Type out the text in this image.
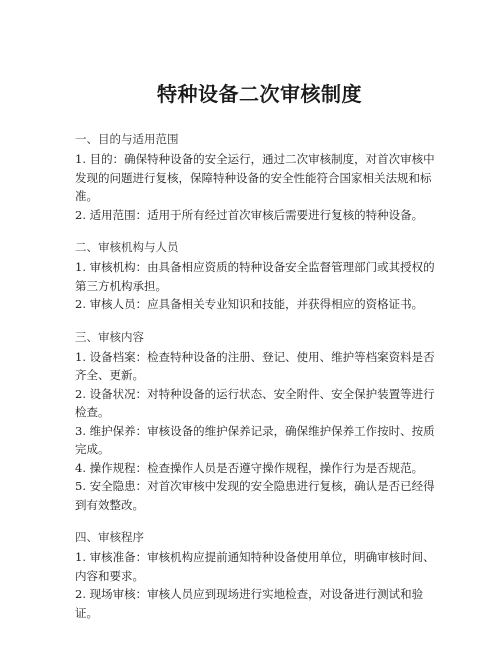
特种设备二次审核制度

一、目的与适用范围

1. 目的：确保特种设备的安全运行，通过二次审核制度，对首次审核中发现的问题进行复核，保障特种设备的安全性能符合国家相关法规和标准。

2. 适用范围：适用于所有经过首次审核后需要进行复核的特种设备。

二、审核机构与人员

1. 审核机构：由具备相应资质的特种设备安全监督管理部门或其授权的第三方机构承担。

2. 审核人员：应具备相关专业知识和技能，并获得相应的资格证书。

三、审核内容

1. 设备档案：检查特种设备的注册、登记、使用、维护等档案资料是否齐全、更新。

2. 设备状况：对特种设备的运行状态、安全附件、安全保护装置等进行检查。

3. 维护保养：审核设备的维护保养记录，确保维护保养工作按时、按质完成。

4. 操作规程：检查操作人员是否遵守操作规程，操作行为是否规范。

5. 安全隐患：对首次审核中发现的安全隐患进行复核，确认是否已经得到有效整改。

四、审核程序

1. 审核准备：审核机构应提前通知特种设备使用单位，明确审核时间、内容和要求。

2. 现场审核：审核人员应到现场进行实地检查，对设备进行测试和验证。
